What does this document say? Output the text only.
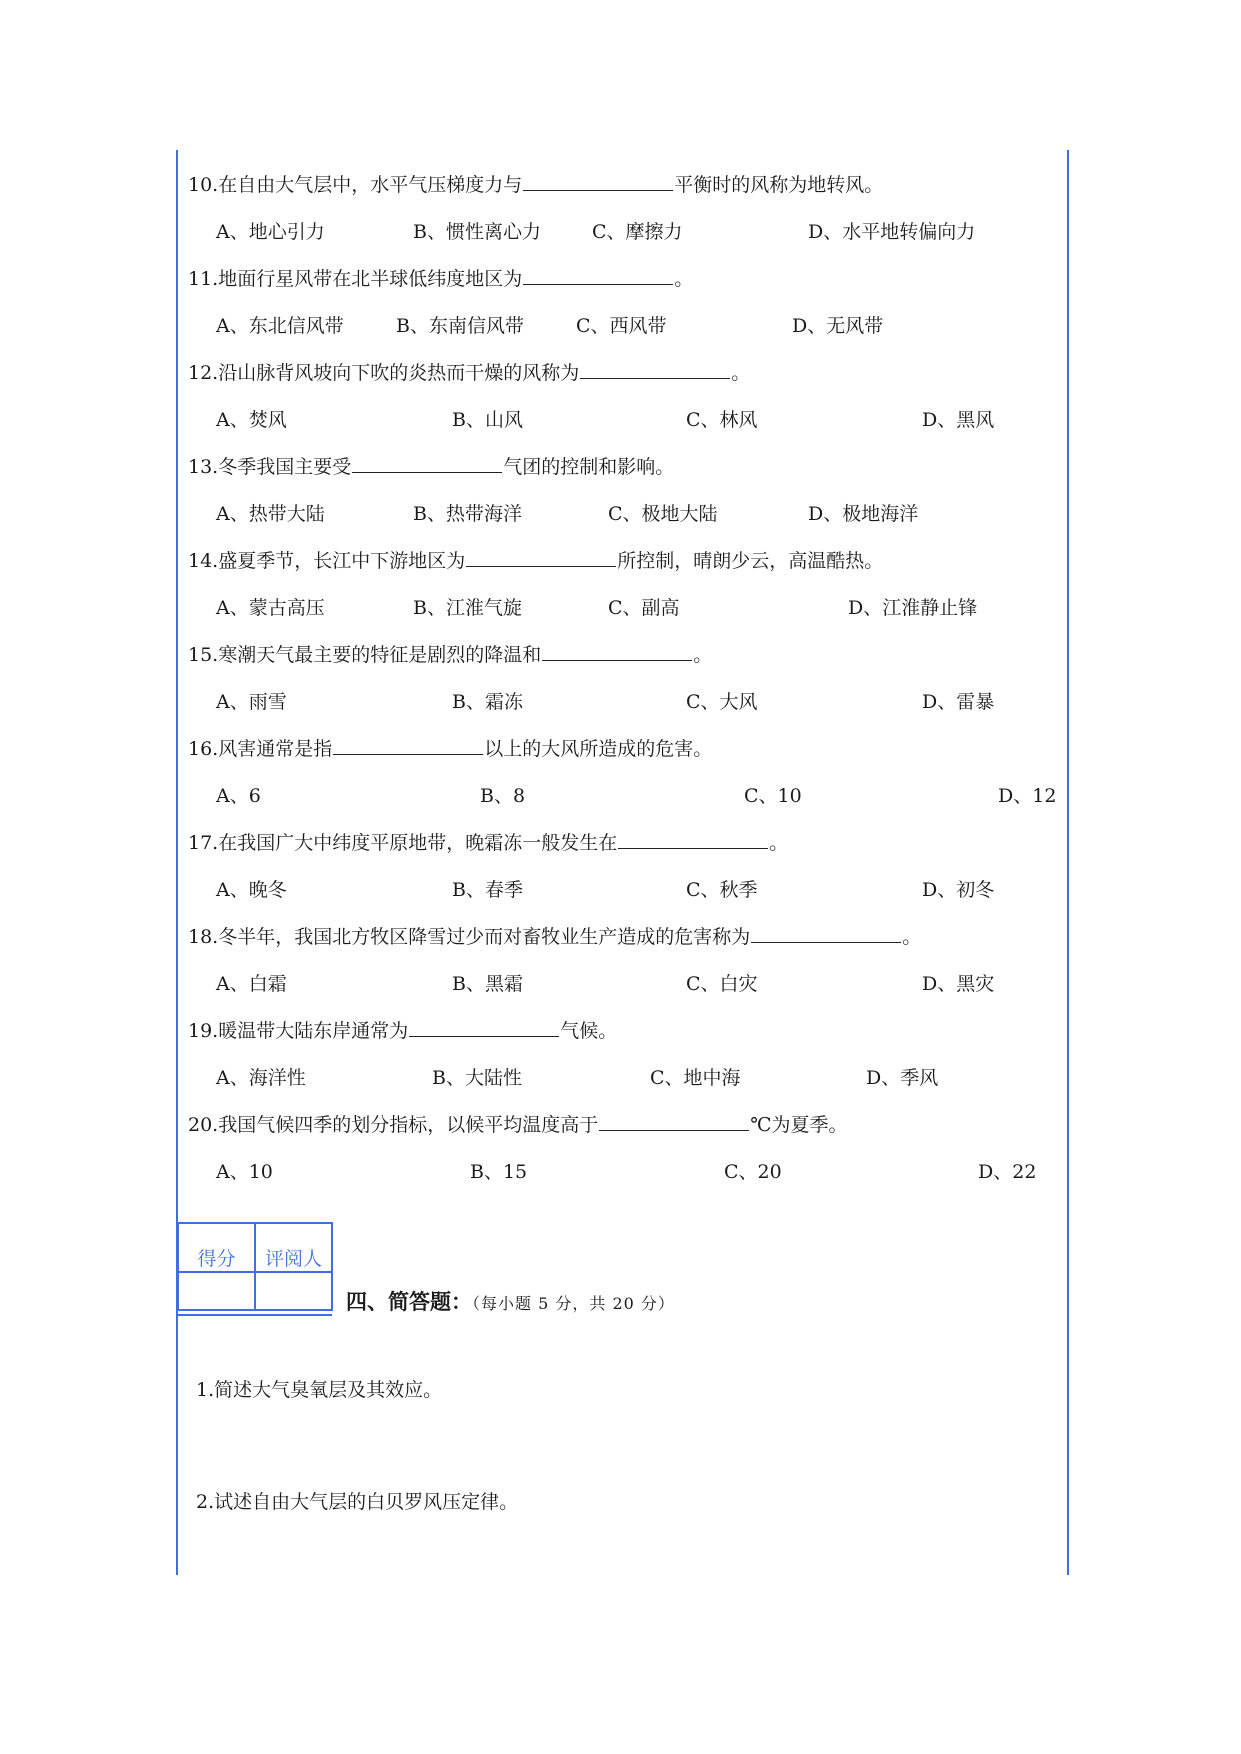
10.在自由大气层中，水平气压梯度力与	平衡时的风称为地转风。
A、地心引力	B、惯性离心力	C、摩擦力	D、水平地转偏向力
11.地面行星风带在北半球低纬度地区为	。
A、东北信风带	B、东南信风带	C、西风带	D、无风带
12.沿山脉背风坡向下吹的炎热而干燥的风称为	。
A、焚风	B、山风	C、林风	D、黑风
13.冬季我国主要受	气团的控制和影响。
A、热带大陆	B、热带海洋	C、极地大陆	D、极地海洋
14.盛夏季节，长江中下游地区为	所控制，晴朗少云，高温酷热。
A、蒙古高压	B、江淮气旋	C、副高	D、江淮静止锋
15.寒潮天气最主要的特征是剧烈的降温和	。
A、雨雪	B、霜冻	C、大风	D、雷暴
16.风害通常是指	以上的大风所造成的危害。
A、6	B、8	C、10	D、12
17.在我国广大中纬度平原地带，晚霜冻一般发生在	。
A、晚冬	B、春季	C、秋季	D、初冬
18.冬半年，我国北方牧区降雪过少而对畜牧业生产造成的危害称为	。
A、白霜	B、黑霜	C、白灾	D、黑灾
19.暖温带大陆东岸通常为	气候。
A、海洋性	B、大陆性	C、地中海	D、季风
20.我国气候四季的划分指标，以候平均温度高于	℃为夏季。
A、10	B、15	C、20	D、22
得分	评阅人

四、简答题：（每小题 5 分，共 20 分）
1.简述大气臭氧层及其效应。
2.试述自由大气层的白贝罗风压定律。
